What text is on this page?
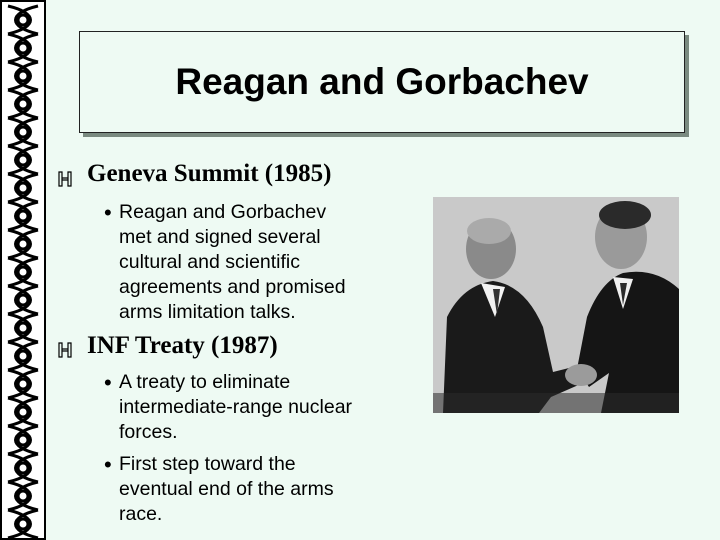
Reagan and Gorbachev
Geneva Summit (1985)
• Reagan and Gorbachev
met and signed several
cultural and scientific
agreements and promised
arms limitation talks.
INF Treaty (1987)
• A treaty to eliminate
intermediate-range nuclear
forces.
• First step toward the
eventual end of the arms
race.
